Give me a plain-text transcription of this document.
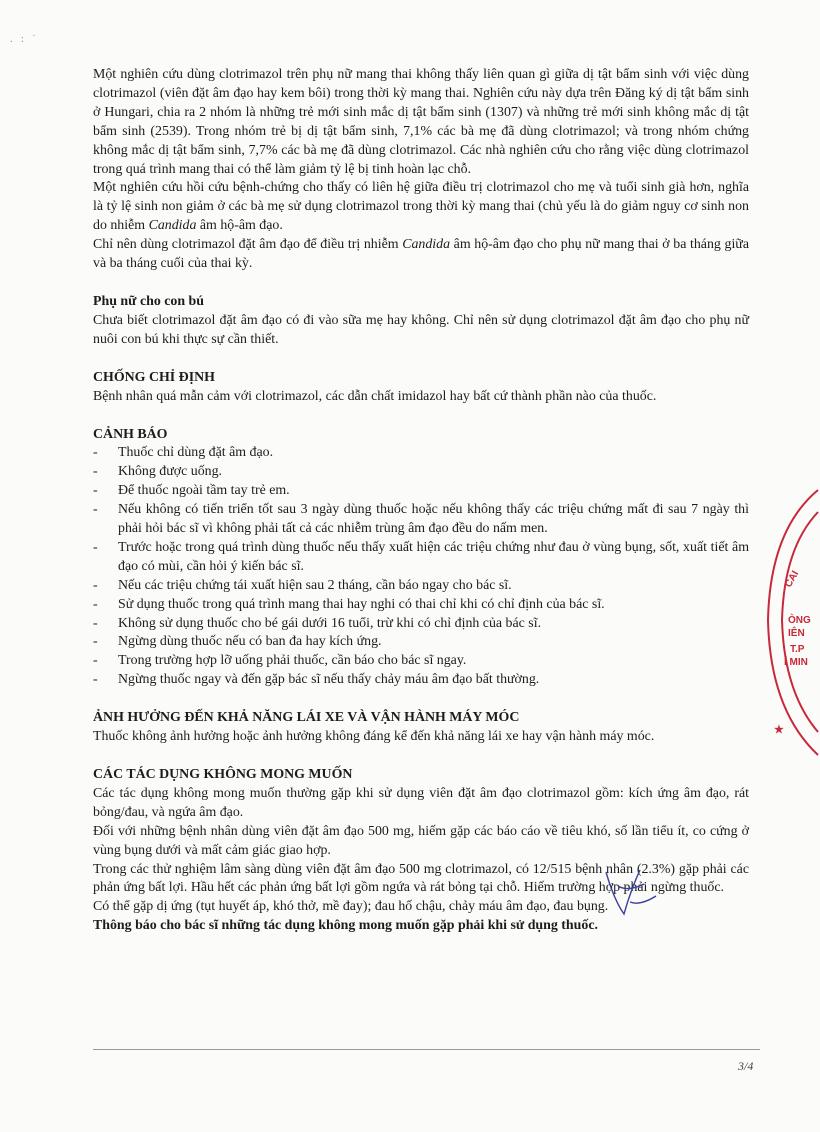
. : ˙

Một nghiên cứu dùng clotrimazol trên phụ nữ mang thai không thấy liên quan gì giữa dị tật bẩm sinh với việc dùng clotrimazol (viên đặt âm đạo hay kem bôi) trong thời kỳ mang thai. Nghiên cứu này dựa trên Đăng ký dị tật bẩm sinh ở Hungari, chia ra 2 nhóm là những trẻ mới sinh mắc dị tật bẩm sinh (1307) và những trẻ mới sinh không mắc dị tật bẩm sinh (2539). Trong nhóm trẻ bị dị tật bẩm sinh, 7,1% các bà mẹ đã dùng clotrimazol; và trong nhóm chứng không mắc dị tật bẩm sinh, 7,7% các bà mẹ đã dùng clotrimazol. Các nhà nghiên cứu cho rằng việc dùng clotrimazol trong quá trình mang thai có thể làm giảm tỷ lệ bị tinh hoàn lạc chỗ.

Một nghiên cứu hồi cứu bệnh-chứng cho thấy có liên hệ giữa điều trị clotrimazol cho mẹ và tuổi sinh già hơn, nghĩa là tỷ lệ sinh non giảm ở các bà mẹ sử dụng clotrimazol trong thời kỳ mang thai (chủ yếu là do giảm nguy cơ sinh non do nhiễm Candida âm hộ-âm đạo.

Chỉ nên dùng clotrimazol đặt âm đạo để điều trị nhiễm Candida âm hộ-âm đạo cho phụ nữ mang thai ở ba tháng giữa và ba tháng cuối của thai kỳ.

Phụ nữ cho con bú

Chưa biết clotrimazol đặt âm đạo có đi vào sữa mẹ hay không. Chỉ nên sử dụng clotrimazol đặt âm đạo cho phụ nữ nuôi con bú khi thực sự cần thiết.

CHỐNG CHỈ ĐỊNH

Bệnh nhân quá mẫn cảm với clotrimazol, các dẫn chất imidazol hay bất cứ thành phần nào của thuốc.

CẢNH BÁO

- Thuốc chỉ dùng đặt âm đạo.
- Không được uống.
- Để thuốc ngoài tầm tay trẻ em.
- Nếu không có tiến triển tốt sau 3 ngày dùng thuốc hoặc nếu không thấy các triệu chứng mất đi sau 7 ngày thì phải hỏi bác sĩ vì không phải tất cả các nhiễm trùng âm đạo đều do nấm men.
- Trước hoặc trong quá trình dùng thuốc nếu thấy xuất hiện các triệu chứng như đau ở vùng bụng, sốt, xuất tiết âm đạo có mùi, cần hỏi ý kiến bác sĩ.
- Nếu các triệu chứng tái xuất hiện sau 2 tháng, cần báo ngay cho bác sĩ.
- Sử dụng thuốc trong quá trình mang thai hay nghi có thai chỉ khi có chỉ định của bác sĩ.
- Không sử dụng thuốc cho bé gái dưới 16 tuổi, trừ khi có chỉ định của bác sĩ.
- Ngừng dùng thuốc nếu có ban đa hay kích ứng.
- Trong trường hợp lỡ uống phải thuốc, cần báo cho bác sĩ ngay.
- Ngừng thuốc ngay và đến gặp bác sĩ nếu thấy chảy máu âm đạo bất thường.

ẢNH HƯỞNG ĐẾN KHẢ NĂNG LÁI XE VÀ VẬN HÀNH MÁY MÓC

Thuốc không ảnh hưởng hoặc ảnh hưởng không đáng kể đến khả năng lái xe hay vận hành máy móc.

CÁC TÁC DỤNG KHÔNG MONG MUỐN

Các tác dụng không mong muốn thường gặp khi sử dụng viên đặt âm đạo clotrimazol gồm: kích ứng âm đạo, rát bỏng/đau, và ngứa âm đạo.

Đối với những bệnh nhân dùng viên đặt âm đạo 500 mg, hiếm gặp các báo cáo về tiêu khó, số lần tiểu ít, co cứng ở vùng bụng dưới và mất cảm giác giao hợp.

Trong các thử nghiệm lâm sàng dùng viên đặt âm đạo 500 mg clotrimazol, có 12/515 bệnh nhân (2.3%) gặp phải các phản ứng bất lợi. Hầu hết các phản ứng bất lợi gồm ngứa và rát bỏng tại chỗ. Hiếm trường hợp phải ngừng thuốc.

Có thể gặp dị ứng (tụt huyết áp, khó thở, mề đay); đau hố chậu, chảy máu âm đạo, đau bụng.

Thông báo cho bác sĩ những tác dụng không mong muốn gặp phải khi sử dụng thuốc.

CAI
ÒNG
IÊN
T.P
Í MIN
★
3/4
